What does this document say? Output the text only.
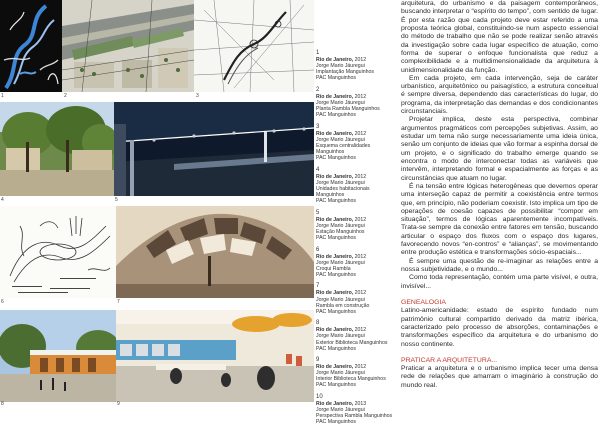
1	2	3
4	5
6	7
8	9
1
Rio de Janeiro, 2012
Jorge Mario Jáuregui
Implantação Manguinhos
PAC Manguinhos
2
Rio de Janeiro, 2012
Jorge Mario Jáuregui
Planta Rambla Manguinhos
PAC Manguinhos
3
Rio de Janeiro, 2012
Jorge Mario Jáuregui
Esquema centralidades Manguinhos
PAC Manguinhos
4
Rio de Janeiro, 2012
Jorge Mario Jáuregui
Unidades habitacionais Manguinhos
PAC Manguinhos
5
Rio de Janeiro, 2012
Jorge Mario Jáuregui
Estação Manguinhos
PAC Manguinhos
6
Rio de Janeiro, 2012
Jorge Mario Jáuregui
Croqui Rambla
PAC Manguinhos
7
Rio de Janeiro, 2012
Jorge Mario Jáuregui
Rambla em construção
PAC Manguinhos
8
Rio de Janeiro, 2012
Jorge Mario Jáuregui
Exterior Biblioteca Manguinhos
PAC Manguinhos
9
Rio de Janeiro, 2012
Jorge Mario Jáuregui
Interior Biblioteca Manguinhos
PAC Manguinhos
10
Rio de Janeiro, 2013
Jorge Mario Jáuregui
Perspectiva Rambla Manguinhos
PAC Manguinhos

arquitetura, do urbanismo e da paisagem contemporâneos, buscando interpretar o “espírito do tempo”, com sentido de lugar. É por esta razão que cada projeto deve estar referido a uma proposta teórica global, constituindo-se num aspecto essencial do método de trabalho que não se pode realizar senão através da investigação sobre cada lugar específico de atuação, como forma de superar o enfoque funcionalista que reduz a complexibilidade e a multidimensionalidade da arquitetura à unidimensionalidade da função.

Em cada projeto, em cada intervenção, seja de caráter urbanístico, arquitetônico ou paisagístico, a estrutura conceitual é sempre diversa, dependendo das características do lugar, do programa, da interpretação das demandas e dos condicionantes circunstanciais.

Projetar implica, deste esta perspectiva, combinar argumentos pragmáticos com percepções subjetivas. Assim, ao estudar um tema não surge necessariamente uma ideia única, senão um conjunto de ideias que vão formar a espinha dorsal de um projeto, e o significado do trabalho emerge quando se encontra o modo de interconectar todas as variáveis que intervêm, interpretando formal e espacialmente as forças e as circunstâncias que atuam no lugar.

É na tensão entre lógicas heterogêneas que devemos operar uma interseção capaz de permitir a coexistência entre termos que, em princípio, não poderiam coexistir. Isto implica um tipo de operações de coesão capazes de possibilitar “compor em situação”, termos de lógicas aparentemente incompatíveis. Trata-se sempre da conexão entre fatores em tensão, buscando articular o espaço dos fluxos com o espaço dos lugares, favorecendo novos “en-contros” e “alianças”, se movimentando entre produção estética e transformações sócio-espaciais...

É sempre uma questão de re-imaginar as relações entre a nossa subjetividade, e o mundo...

Como toda representação, contém uma parte visível, e outra, invisível...

GENEALOGIA

Latino-americanidade: estado de espírito fundado num patrimônio cultural compartido derivado da matriz ibérica, caracterizado pelo processo de absorções, contaminações e transformações específico da arquitetura e do urbanismo do nosso continente.

PRATICAR A ARQUITETURA...

Praticar a arquitetura e o urbanismo implica tecer uma densa rede de relações que amarram o imaginário à construção do mundo real.
